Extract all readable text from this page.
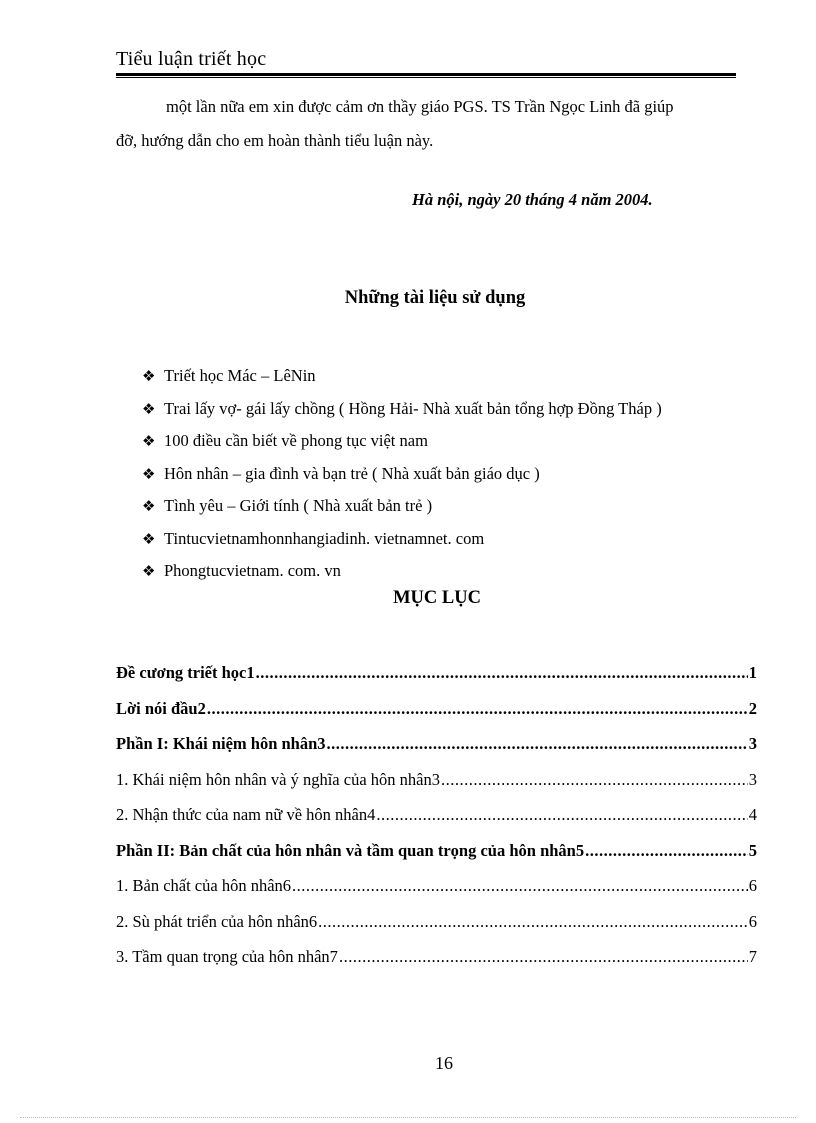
Tiểu luận triết học
một lần nữa em xin được cảm ơn thầy giáo PGS. TS Trần Ngọc Linh đã giúp
đỡ, hướng dẫn cho em hoàn thành tiểu luận này.
Hà nội, ngày 20 tháng 4 năm 2004.
Những tài liệu sử dụng
❖ Triết học Mác – LêNin
❖ Trai lấy vợ- gái lấy chồng ( Hồng Hải- Nhà xuất bản tổng hợp Đồng Tháp )
❖ 100 điều cần biết về phong tục việt nam
❖ Hôn nhân – gia đình và bạn trẻ ( Nhà xuất bản giáo dục )
❖ Tình yêu – Giới tính ( Nhà xuất bản trẻ )
❖ Tintucvietnamhonnhangiadinh. vietnamnet. com
❖ Phongtucvietnam. com. vn
MỤC LỤC
Đề cương triết học1 .....	1
Lời nói đầu2 .....	2
Phần I: Khái niệm hôn nhân3 .....	3
1. Khái niệm hôn nhân và ý nghĩa của hôn nhân3 .....	3
2. Nhận thức của nam nữ về hôn nhân4 .....	4
Phần II: Bản chất của hôn nhân và tầm quan trọng của hôn nhân5 .....	5
1. Bản chất của hôn nhân6 .....	6
2. Sù phát triển của hôn nhân6 .....	6
3. Tầm quan trọng của hôn nhân7 .....	7
16
